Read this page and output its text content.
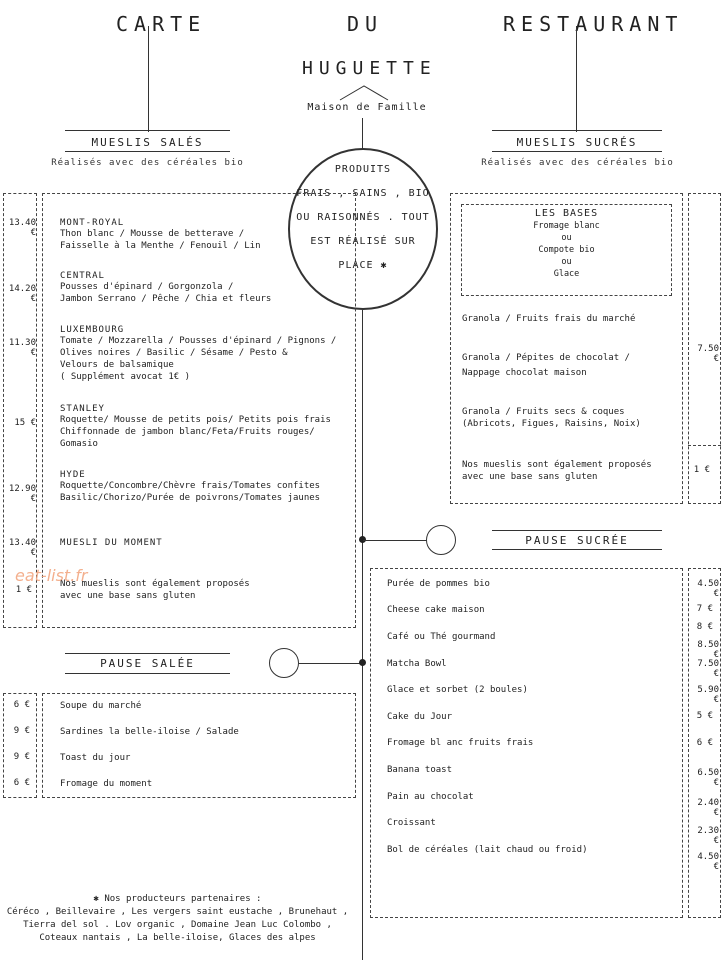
CARTE	DU	RESTAURANT
HUGUETTE
Maison de Famille
PRODUITS
FRAIS , SAINS , BIO
OU RAISONNÉS . TOUT
EST RÉALISÉ SUR
PLACE ✱
MUESLIS SALÉS
Réalisés avec des céréales bio
13.40 €
MONT-ROYAL
Thon blanc / Mousse de betterave /
Faisselle à la Menthe / Fenouil / Lin
14.20 €
CENTRAL
Pousses d'épinard / Gorgonzola /
Jambon Serrano / Pêche / Chia et fleurs
11.30 €
LUXEMBOURG
Tomate / Mozzarella / Pousses d'épinard / Pignons /
Olives noires / Basilic / Sésame / Pesto &
Velours de balsamique
( Supplément avocat 1€ )
15 €
STANLEY
Roquette/ Mousse de petits pois/ Petits pois frais
Chiffonnade de jambon blanc/Feta/Fruits rouges/
Gomasio
12.90 €
HYDE
Roquette/Concombre/Chèvre frais/Tomates confites
Basilic/Chorizo/Purée de poivrons/Tomates jaunes
13.40 €
MUESLI DU MOMENT
1 €
Nos mueslis sont également proposés
avec une base sans gluten
eat-list.fr
MUESLIS SUCRÉS
Réalisés avec des céréales bio
LES BASES
Fromage blanc
ou
Compote bio
ou
Glace
Granola / Fruits frais du marché
Granola / Pépites de chocolat /
Nappage chocolat maison
Granola / Fruits secs & coques
(Abricots, Figues, Raisins, Noix)
Nos mueslis sont également proposés
avec une base sans gluten
7.50 €
1 €
PAUSE SUCRÉE
Purée de pommes bio
Cheese cake maison
Café ou Thé gourmand
Matcha Bowl
Glace et sorbet (2 boules)
Cake du Jour
Fromage bl anc fruits frais
Banana toast
Pain au chocolat
Croissant
Bol de céréales (lait chaud ou froid)
4.50 €
7 €
8 €
8.50 €
7.50 €
5.90 €
5 €
6 €
6.50 €
2.40 €
2.30 €
4.50 €
PAUSE SALÉE
6 €
9 €
9 €
6 €
Soupe du marché
Sardines la belle-iloise / Salade
Toast du jour
Fromage du moment
✱ Nos producteurs partenaires :
Céréco , Beillevaire , Les vergers saint eustache , Brunehaut ,
Tierra del sol . Lov organic , Domaine Jean Luc Colombo ,
Coteaux nantais , La belle-iloise, Glaces des alpes
